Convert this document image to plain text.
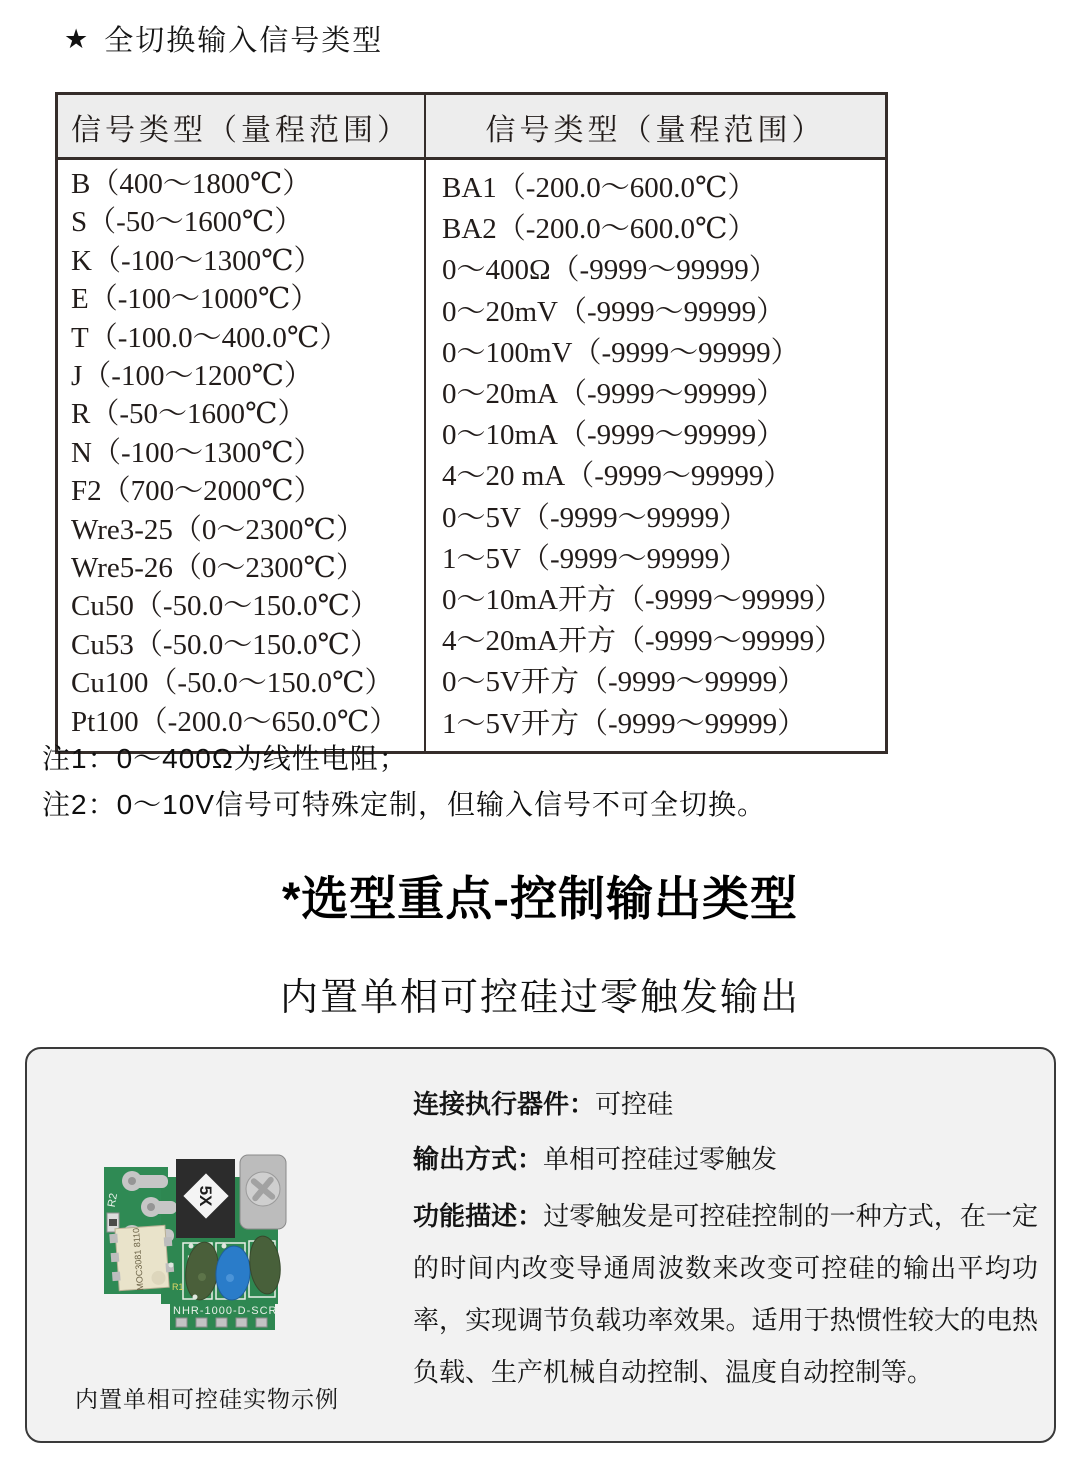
★ 全切换输入信号类型
信号类型（量程范围）	信号类型（量程范围）
B（400～1800℃）
S（-50～1600℃）
K（-100～1300℃）
E（-100～1000℃）
T（-100.0～400.0℃）
J（-100～1200℃）
R（-50～1600℃）
N（-100～1300℃）
F2（700～2000℃）
Wre3-25（0～2300℃）
Wre5-26（0～2300℃）
Cu50（-50.0～150.0℃）
Cu53（-50.0～150.0℃）
Cu100（-50.0～150.0℃）
Pt100（-200.0～650.0℃）
BA1（-200.0～600.0℃）
BA2（-200.0～600.0℃）
0～400Ω（-9999～99999）
0～20mV（-9999～99999）
0～100mV（-9999～99999）
0～20mA（-9999～99999）
0～10mA（-9999～99999）
4～20 mA（-9999～99999）
0～5V（-9999～99999）
1～5V（-9999～99999）
0～10mA开方（-9999～99999）
4～20mA开方（-9999～99999）
0～5V开方（-9999～99999）
1～5V开方（-9999～99999）
注1：0～400Ω为线性电阻；
注2：0～10V信号可特殊定制，但输入信号不可全切换。
*选型重点-控制输出类型
内置单相可控硅过零触发输出
R2
MOC3081 8110
5X
R1
NHR-1000-D-SCR
内置单相可控硅实物示例
连接执行器件：可控硅
输出方式：单相可控硅过零触发
功能描述：过零触发是可控硅控制的一种方式，在一定的时间内改变导通周波数来改变可控硅的输出平均功率，实现调节负载功率效果。适用于热惯性较大的电热负载、生产机械自动控制、温度自动控制等。
